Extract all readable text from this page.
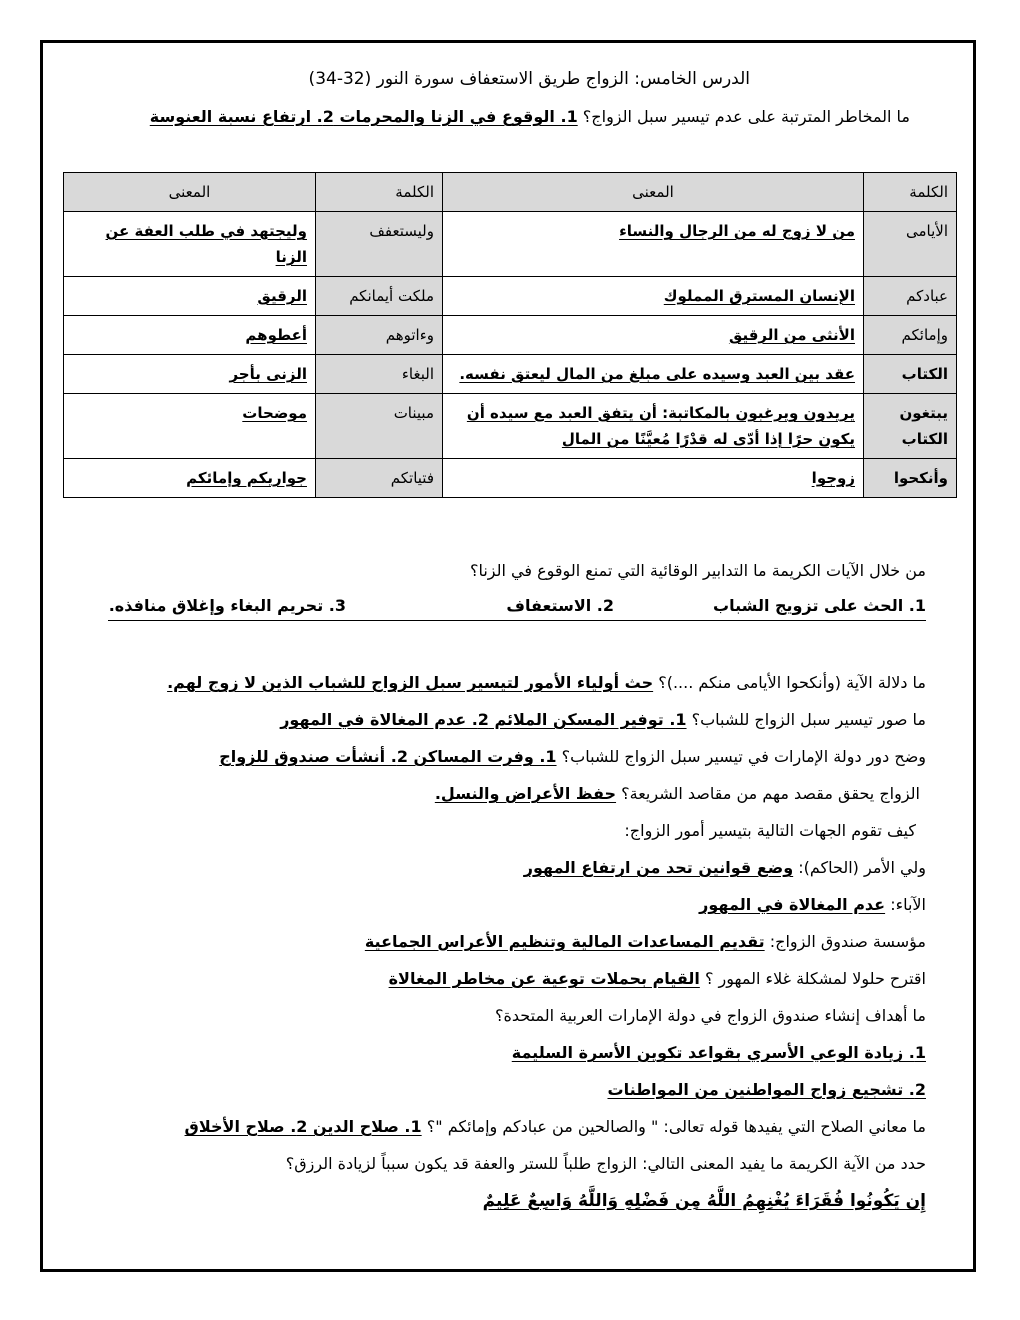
الدرس الخامس: الزواج طريق الاستعفاف سورة النور (32-34)
ما المخاطر المترتبة على عدم تيسير سبل الزواج؟ 1. الوقوع في الزنا والمحرمات 2. ارتفاع نسبة العنوسة
الكلمة	المعنى	الكلمة	المعنى
الأيامى	من لا زوج له من الرجال والنساء	وليستعفف	وليجتهد في طلب العفة عن الزنا
عبادكم	الإنسان المسترق المملوك	ملكت أيمانكم	الرقيق
وإمائكم	الأنثى من الرقيق	وءاتوهم	أعطوهم
الكتاب	عقد بين العبد وسيده على مبلغ من المال ليعتق نفسه.	البغاء	الزنى بأجر
يبتغون الكتاب	يريدون ويرغبون بالمكاتبة: أن يتفق العبد مع سيده أن يكون حرًا إذا أدّى له قدْرًا مُعيَّنًا من المال	مبينات	موضحات
وأنكحوا	زوجوا	فتياتكم	جواريكم وإمائكم
من خلال الآيات الكريمة ما التدابير الوقائية التي تمنع الوقوع في الزنا؟
1. الحث على تزويج الشباب
2. الاستعفاف
3. تحريم البغاء وإغلاق منافذه.
ما دلالة الآية (وأنكحوا الأيامى منكم ....)؟ حث أولياء الأمور لتيسير سبل الزواج للشباب الذين لا زوج لهم.
ما صور تيسير سبل الزواج للشباب؟ 1. توفير المسكن الملائم 2. عدم المغالاة في المهور
وضح دور دولة الإمارات في تيسير سبل الزواج للشباب؟ 1. وفرت المساكن 2. أنشأت صندوق للزواج
الزواج يحقق مقصد مهم من مقاصد الشريعة؟ حفظ الأعراض والنسل.
كيف تقوم الجهات التالية بتيسير أمور الزواج:
ولي الأمر (الحاكم): وضع قوانين تحد من ارتفاع المهور
الآباء: عدم المغالاة في المهور
مؤسسة صندوق الزواج: تقديم المساعدات المالية وتنظيم الأعراس الجماعية
اقترح حلولا لمشكلة غلاء المهور ؟ القيام بحملات توعية عن مخاطر المغالاة
ما أهداف إنشاء صندوق الزواج في دولة الإمارات العربية المتحدة؟
1. زيادة الوعي الأسري بقواعد تكوين الأسرة السليمة
2. تشجيع زواج المواطنين من المواطنات
ما معاني الصلاح التي يفيدها قوله تعالى: " والصالحين من عبادكم وإمائكم "؟ 1. صلاح الدين 2. صلاح الأخلاق
حدد من الآية الكريمة ما يفيد المعنى التالي: الزواج طلباً للستر والعفة قد يكون سبباً لزيادة الرزق؟
إِن يَكُونُوا فُقَرَاءَ يُغْنِهِمُ اللَّهُ مِن فَضْلِهِ وَاللَّهُ وَاسِعٌ عَلِيمٌ
